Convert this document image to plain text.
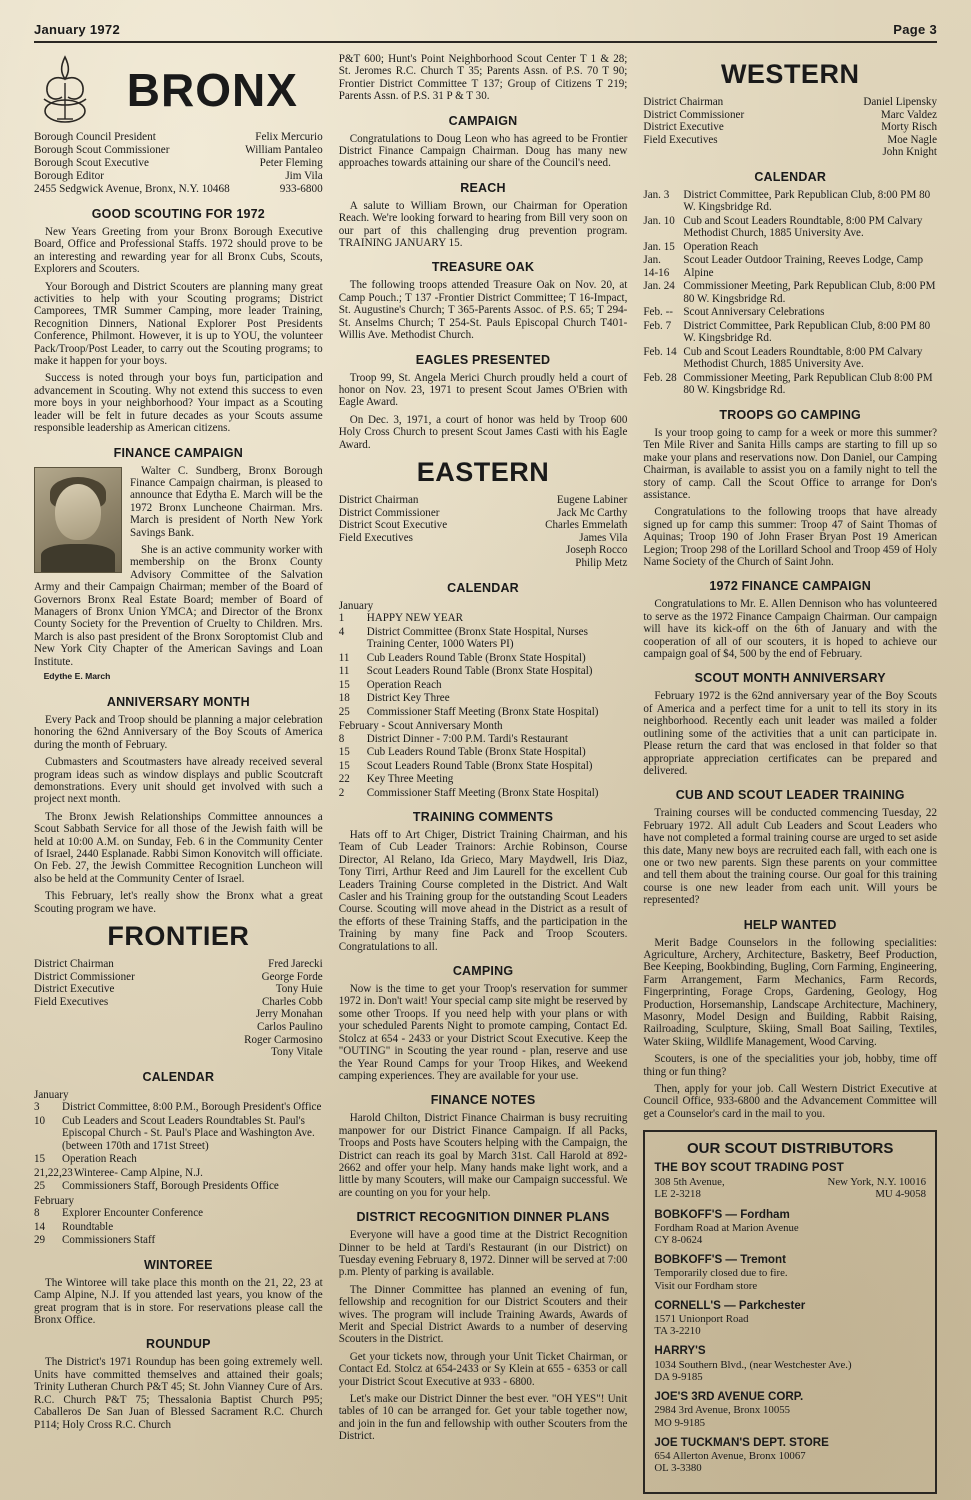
January 1972	Page 3
BRONX
Borough Council President	Felix Mercurio
Borough Scout Commissioner	William Pantaleo
Borough Scout Executive	Peter Fleming
Borough Editor	Jim Vila
2455 Sedgwick Avenue, Bronx, N.Y. 10468	933-6800
GOOD SCOUTING FOR 1972

New Years Greeting from your Bronx Borough Executive Board, Office and Professional Staffs. 1972 should prove to be an interesting and rewarding year for all Bronx Cubs, Scouts, Explorers and Scouters.

Your Borough and District Scouters are planning many great activities to help with your Scouting programs; District Camporees, TMR Summer Camping, more leader Training, Recognition Dinners, National Explorer Post Presidents Conference, Philmont. However, it is up to YOU, the volunteer Pack/Troop/Post Leader, to carry out the Scouting programs; to make it happen for your boys.

Success is noted through your boys fun, participation and advancement in Scouting. Why not extend this success to even more boys in your neighborhood? Your impact as a Scouting leader will be felt in future decades as your Scouts assume responsible leadership as American citizens.

FINANCE CAMPAIGN

Walter C. Sundberg, Bronx Borough Finance Campaign chairman, is pleased to announce that Edytha E. March will be the 1972 Bronx Luncheone Chairman. Mrs. March is president of North New York Savings Bank.

She is an active community worker with membership on the Bronx County Advisory Committee of the Salvation Army and their Campaign Chairman; member of the Board of Governors Bronx Real Estate Board; member of Board of Managers of Bronx Union YMCA; and Director of the Bronx County Society for the Prevention of Cruelty to Children. Mrs. March is also past president of the Bronx Soroptomist Club and New York City Chapter of the American Savings and Loan Institute.

Edythe E. March
ANNIVERSARY MONTH

Every Pack and Troop should be planning a major celebration honoring the 62nd Anniversary of the Boy Scouts of America during the month of February.

Cubmasters and Scoutmasters have already received several program ideas such as window displays and public Scoutcraft demonstrations. Every unit should get involved with such a project next month.

The Bronx Jewish Relationships Committee announces a Scout Sabbath Service for all those of the Jewish faith will be held at 10:00 A.M. on Sunday, Feb. 6 in the Community Center of Israel, 2440 Esplanade. Rabbi Simon Konovitch will officiate. On Feb. 27, the Jewish Committee Recognition Luncheon will also be held at the Community Center of Israel.

This February, let's really show the Bronx what a great Scouting program we have.

FRONTIER
District Chairman	Fred Jarecki
District Commissioner	George Forde
District Executive	Tony Huie
Field Executives	Charles Cobb
Jerry Monahan
Carlos Paulino
Roger Carmosino
Tony Vitale
CALENDAR
January
3	District Committee, 8:00 P.M., Borough President's Office
10	Cub Leaders and Scout Leaders Roundtables St. Paul's Episcopal Church - St. Paul's Place and Washington Ave. (between 170th and 171st Street)
15	Operation Reach
21,22,23 Winteree- Camp Alpine, N.J.
25	Commissioners Staff, Borough Presidents Office
February
8	Explorer Encounter Conference
14	Roundtable
29	Commissioners Staff
WINTOREE

The Wintoree will take place this month on the 21, 22, 23 at Camp Alpine, N.J. If you attended last years, you know of the great program that is in store. For reservations please call the Bronx Office.

ROUNDUP

The District's 1971 Roundup has been going extremely well. Units have committed themselves and attained their goals; Trinity Lutheran Church P&T 45; St. John Vianney Cure of Ars. R.C. Church P&T 75; Thessalonia Baptist Church P95; Caballeros De San Juan of Blessed Sacrament R.C. Church P114; Holy Cross R.C. Church

P&T 600; Hunt's Point Neighborhood Scout Center T 1 & 28; St. Jeromes R.C. Church T 35; Parents Assn. of P.S. 70 T 90; Frontier District Committee T 137; Group of Citizens T 219; Parents Assn. of P.S. 31 P & T 30.

CAMPAIGN

Congratulations to Doug Leon who has agreed to be Frontier District Finance Campaign Chairman. Doug has many new approaches towards attaining our share of the Council's need.

REACH

A salute to William Brown, our Chairman for Operation Reach. We're looking forward to hearing from Bill very soon on our part of this challenging drug prevention program. TRAINING JANUARY 15.

TREASURE OAK

The following troops attended Treasure Oak on Nov. 20, at Camp Pouch.; T 137 -Frontier District Committee; T 16-Impact, St. Augustine's Church; T 365-Parents Assoc. of P.S. 65; T 294- St. Anselms Church; T 254-St. Pauls Episcopal Church T401-Willis Ave. Methodist Church.

EAGLES PRESENTED

Troop 99, St. Angela Merici Church proudly held a court of honor on Nov. 23, 1971 to present Scout James O'Brien with Eagle Award.

On Dec. 3, 1971, a court of honor was held by Troop 600 Holy Cross Church to present Scout James Casti with his Eagle Award.

EASTERN
District Chairman	Eugene Labiner
District Commissioner	Jack Mc Carthy
District Scout Executive	Charles Emmelath
Field Executives	James Vila
Joseph Rocco
Philip Metz
CALENDAR
January
1	HAPPY NEW YEAR
4	District Committee (Bronx State Hospital, Nurses Training Center, 1000 Waters PI)
11	Cub Leaders Round Table (Bronx State Hospital)
11	Scout Leaders Round Table (Bronx State Hospital)
15	Operation Reach
18	District Key Three
25	Commissioner Staff Meeting (Bronx State Hospital)
February - Scout Anniversary Month
8	District Dinner - 7:00 P.M. Tardi's Restaurant
15	Cub Leaders Round Table (Bronx State Hospital)
15	Scout Leaders Round Table (Bronx State Hospital)
22	Key Three Meeting
2	Commissioner Staff Meeting (Bronx State Hospital)
TRAINING COMMENTS

Hats off to Art Chiger, District Training Chairman, and his Team of Cub Leader Trainors: Archie Robinson, Course Director, Al Relano, Ida Grieco, Mary Maydwell, Iris Diaz, Tony Tirri, Arthur Reed and Jim Laurell for the excellent Cub Leaders Training Course completed in the District. And Walt Casler and his Training group for the outstanding Scout Leaders Course. Scouting will move ahead in the District as a result of the efforts of these Training Staffs, and the participation in the Training by many fine Pack and Troop Scouters. Congratulations to all.

CAMPING

Now is the time to get your Troop's reservation for summer 1972 in. Don't wait! Your special camp site might be reserved by some other Troops. If you need help with your plans or with your scheduled Parents Night to promote camping, Contact Ed. Stolcz at 654 - 2433 or your District Scout Executive. Keep the "OUTING" in Scouting the year round - plan, reserve and use the Year Round Camps for your Troop Hikes, and Weekend camping experiences. They are available for your use.

FINANCE NOTES

Harold Chilton, District Finance Chairman is busy recruiting manpower for our District Finance Campaign. If all Packs, Troops and Posts have Scouters helping with the Campaign, the District can reach its goal by March 31st. Call Harold at 892-2662 and offer your help. Many hands make light work, and a little by many Scouters, will make our Campaign successful. We are counting on you for your help.

DISTRICT RECOGNITION DINNER PLANS

Everyone will have a good time at the District Recognition Dinner to be held at Tardi's Restaurant (in our District) on Tuesday evening February 8, 1972. Dinner will be served at 7:00 p.m. Plenty of parking is available.

The Dinner Committee has planned an evening of fun, fellowship and recognition for our District Scouters and their wives. The program will include Training Awards, Awards of Merit and Special District Awards to a number of deserving Scouters in the District.

Get your tickets now, through your Unit Ticket Chairman, or Contact Ed. Stolcz at 654-2433 or Sy Klein at 655 - 6353 or call your District Scout Executive at 933 - 6800.

Let's make our District Dinner the best ever. "OH YES"! Unit tables of 10 can be arranged for. Get your table together now, and join in the fun and fellowship with outher Scouters from the District.

WESTERN
District Chairman	Daniel Lipensky
District Commissioner	Marc Valdez
District Executive	Morty Risch
Field Executives	Moe Nagle
John Knight
CALENDAR
Jan. 3	District Committee, Park Republican Club, 8:00 PM 80 W. Kingsbridge Rd.
Jan. 10 Cub and Scout Leaders Roundtable, 8:00 PM Calvary Methodist Church, 1885 University Ave.
Jan. 15 Operation Reach
Jan. 14-16
Scout Leader Outdoor Training, Reeves Lodge, Camp Alpine
Jan. 24 Commissioner Meeting, Park Republican Club, 8:00 PM 80 W. Kingsbridge Rd.
Feb. -- Scout Anniversary Celebrations
Feb. 7	District Committee, Park Republican Club, 8:00 PM 80 W. Kingsbridge Rd.
Feb. 14 Cub and Scout Leaders Roundtable, 8:00 PM Calvary Methodist Church, 1885 University Ave.
Feb. 28 Commissioner Meeting, Park Republican Club 8:00 PM 80 W. Kingsbridge Rd.
TROOPS GO CAMPING

Is your troop going to camp for a week or more this summer? Ten Mile River and Sanita Hills camps are starting to fill up so make your plans and reservations now. Don Daniel, our Camping Chairman, is available to assist you on a family night to tell the story of camp. Call the Scout Office to arrange for Don's assistance.

Congratulations to the following troops that have already signed up for camp this summer: Troop 47 of Saint Thomas of Aquinas; Troop 190 of John Fraser Bryan Post 19 American Legion; Troop 298 of the Lorillard School and Troop 459 of Holy Name Society of the Church of Saint John.

1972 FINANCE CAMPAIGN

Congratulations to Mr. E. Allen Dennison who has volunteered to serve as the 1972 Finance Campaign Chairman. Our campaign will have its kick-off on the 6th of January and with the cooperation of all of our scouters, it is hoped to achieve our campaign goal of $4, 500 by the end of February.

SCOUT MONTH ANNIVERSARY

February 1972 is the 62nd anniversary year of the Boy Scouts of America and a perfect time for a unit to tell its story in its neighborhood. Recently each unit leader was mailed a folder outlining some of the activities that a unit can participate in. Please return the card that was enclosed in that folder so that appropriate appreciation certificates can be prepared and delivered.

CUB AND SCOUT LEADER TRAINING

Training courses will be conducted commencing Tuesday, 22 February 1972. All adult Cub Leaders and Scout Leaders who have not completed a formal training course are urged to set aside this date, Many new boys are recruited each fall, with each one is one or two new parents. Sign these parents on your committee and tell them about the training course. Our goal for this training course is one new leader from each unit. Will yours be represented?

HELP WANTED

Merit Badge Counselors in the following specialities: Agriculture, Archery, Architecture, Basketry, Beef Production, Bee Keeping, Bookbinding, Bugling, Corn Farming, Engineering, Farm Arrangement, Farm Mechanics, Farm Records, Fingerprinting, Forage Crops, Gardening, Geology, Hog Production, Horsemanship, Landscape Architecture, Machinery, Masonry, Model Design and Building, Rabbit Raising, Railroading, Sculpture, Skiing, Small Boat Sailing, Textiles, Water Skiing, Wildlife Management, Wood Carving.

Scouters, is one of the specialities your job, hobby, time off thing or fun thing?

Then, apply for your job. Call Western District Executive at Council Office, 933-6800 and the Advancement Committee will get a Counselor's card in the mail to you.

OUR SCOUT DISTRIBUTORS
THE BOY SCOUT TRADING POST
308 5th Avenue,	New York, N.Y. 10016
LE 2-3218	MU 4-9058
BOBKOFF'S — Fordham
Fordham Road at Marion Avenue
CY 8-0624
BOBKOFF'S — Tremont
Temporarily closed due to fire.
Visit our Fordham store
CORNELL'S — Parkchester
1571 Unionport Road
TA 3-2210
HARRY'S
1034 Southern Blvd., (near Westchester Ave.)
DA 9-9185
JOE'S 3RD AVENUE CORP.
2984 3rd Avenue, Bronx 10055
MO 9-9185
JOE TUCKMAN'S DEPT. STORE
654 Allerton Avenue, Bronx 10067
OL 3-3380
